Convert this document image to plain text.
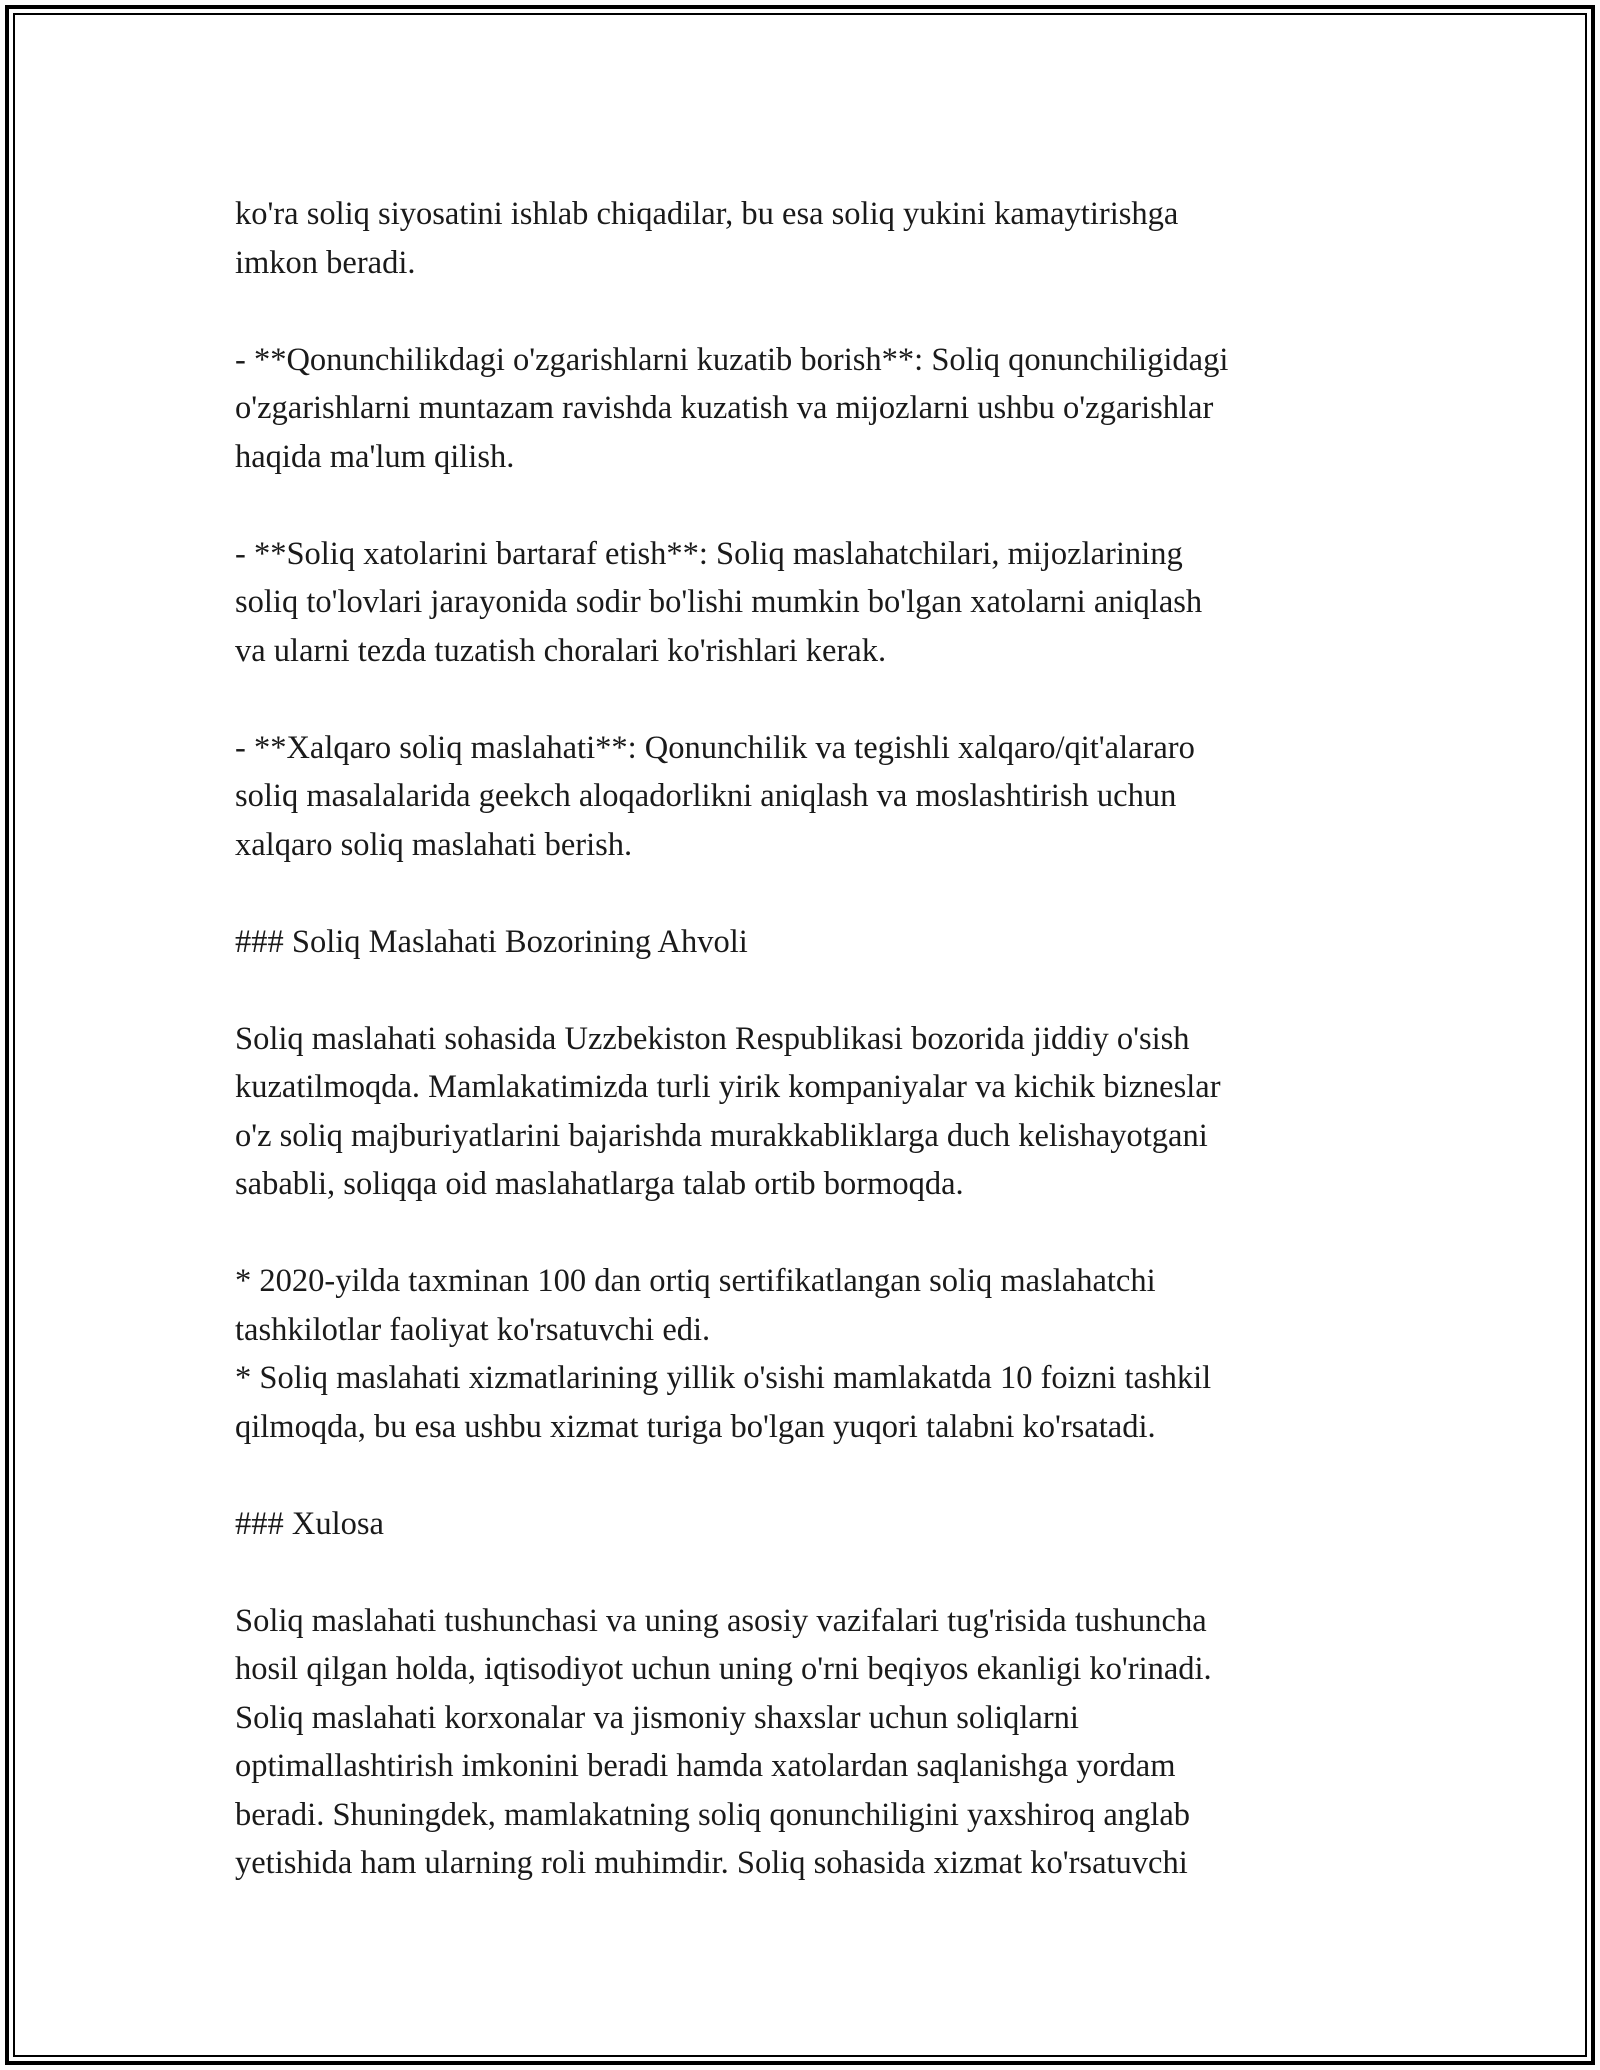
ko'ra soliq siyosatini ishlab chiqadilar, bu esa soliq yukini kamaytirishga
imkon beradi.

- **Qonunchilikdagi o'zgarishlarni kuzatib borish**: Soliq qonunchiligidagi
o'zgarishlarni muntazam ravishda kuzatish va mijozlarni ushbu o'zgarishlar
haqida ma'lum qilish.

- **Soliq xatolarini bartaraf etish**: Soliq maslahatchilari, mijozlarining
soliq to'lovlari jarayonida sodir bo'lishi mumkin bo'lgan xatolarni aniqlash
va ularni tezda tuzatish choralari ko'rishlari kerak.

- **Xalqaro soliq maslahati**: Qonunchilik va tegishli xalqaro/qit'alararo
soliq masalalarida geekch aloqadorlikni aniqlash va moslashtirish uchun
xalqaro soliq maslahati berish.

### Soliq Maslahati Bozorining Ahvoli

Soliq maslahati sohasida Uzzbekiston Respublikasi bozorida jiddiy o'sish
kuzatilmoqda. Mamlakatimizda turli yirik kompaniyalar va kichik bizneslar
o'z soliq majburiyatlarini bajarishda murakkabliklarga duch kelishayotgani
sababli, soliqqa oid maslahatlarga talab ortib bormoqda.

* 2020-yilda taxminan 100 dan ortiq sertifikatlangan soliq maslahatchi
tashkilotlar faoliyat ko'rsatuvchi edi.
* Soliq maslahati xizmatlarining yillik o'sishi mamlakatda 10 foizni tashkil
qilmoqda, bu esa ushbu xizmat turiga bo'lgan yuqori talabni ko'rsatadi.

### Xulosa

Soliq maslahati tushunchasi va uning asosiy vazifalari tug'risida tushuncha
hosil qilgan holda, iqtisodiyot uchun uning o'rni beqiyos ekanligi ko'rinadi.
Soliq maslahati korxonalar va jismoniy shaxslar uchun soliqlarni
optimallashtirish imkonini beradi hamda xatolardan saqlanishga yordam
beradi. Shuningdek, mamlakatning soliq qonunchiligini yaxshiroq anglab
yetishida ham ularning roli muhimdir. Soliq sohasida xizmat ko'rsatuvchi
